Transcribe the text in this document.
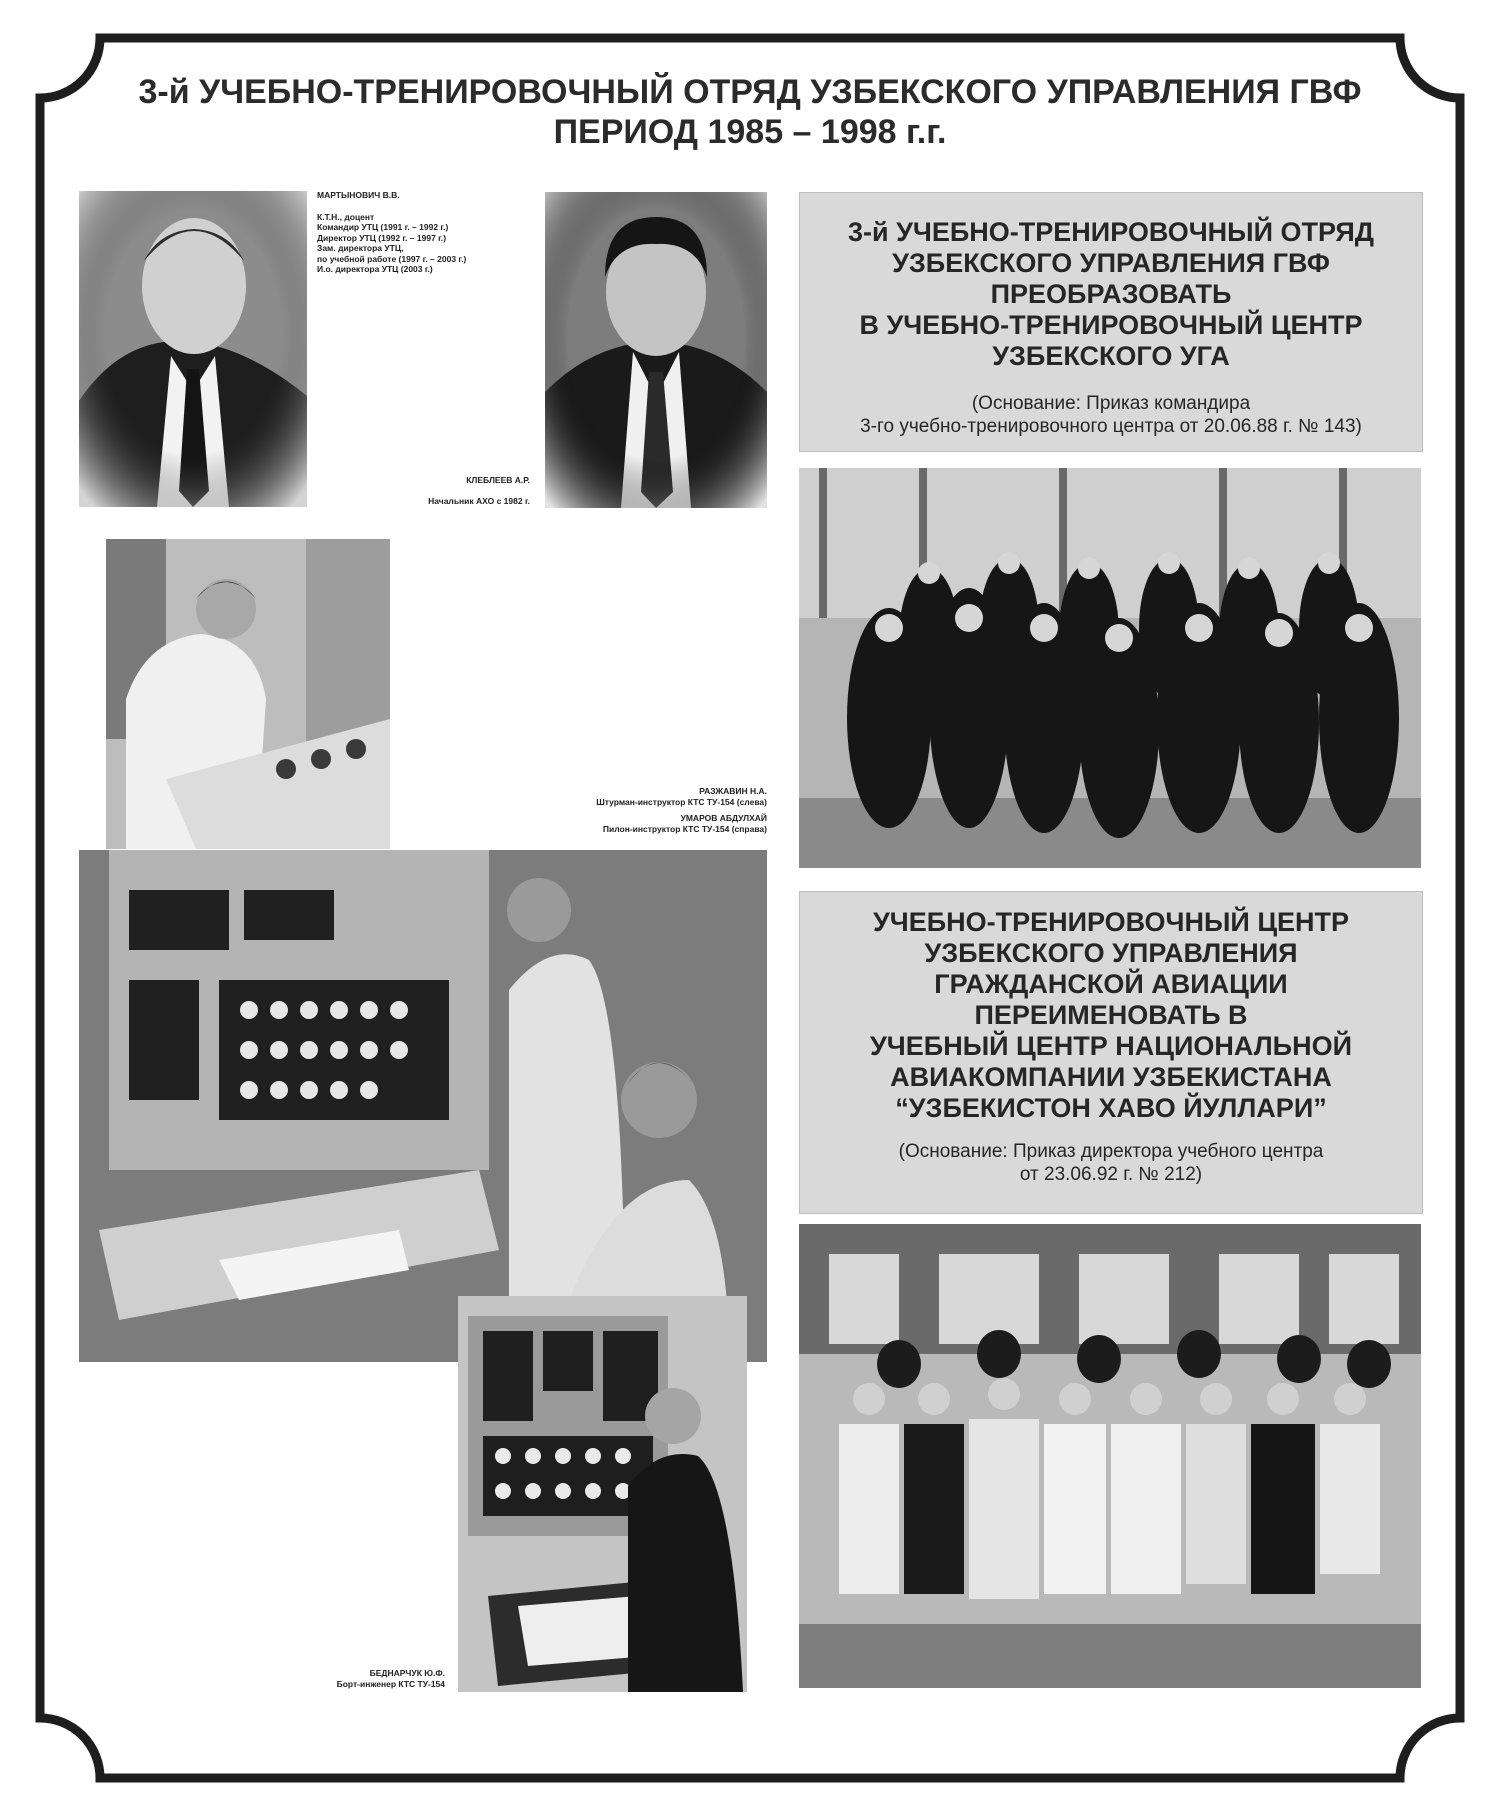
3-й УЧЕБНО-ТРЕНИРОВОЧНЫЙ ОТРЯД УЗБЕКСКОГО УПРАВЛЕНИЯ ГВФ
ПЕРИОД 1985 – 1998 г.г.
МАРТЫНОВИЧ В.В.
К.Т.Н., доцент
Командир УТЦ (1991 г. – 1992 г.)
Директор УТЦ (1992 г. – 1997 г.)
Зам. директора УТЦ,
по учебной работе (1997 г. – 2003 г.)
И.о. директора УТЦ (2003 г.)
КЛЕБЛЕЕВ А.Р.
Начальник АХО с 1982 г.
3-й УЧЕБНО-ТРЕНИРОВОЧНЫЙ ОТРЯД
УЗБЕКСКОГО УПРАВЛЕНИЯ ГВФ
ПРЕОБРАЗОВАТЬ
В УЧЕБНО-ТРЕНИРОВОЧНЫЙ ЦЕНТР
УЗБЕКСКОГО УГА
(Основание: Приказ командира
3-го учебно-тренировочного центра от 20.06.88 г. № 143)
РАЗЖАВИН Н.А.
Штурман-инструктор КТС ТУ-154 (слева)
УМАРОВ АБДУЛХАЙ
Пилон-инструктор КТС ТУ-154 (справа)
БЕДНАРЧУК Ю.Ф.
Борт-инженер КТС ТУ-154
УЧЕБНО-ТРЕНИРОВОЧНЫЙ ЦЕНТР
УЗБЕКСКОГО УПРАВЛЕНИЯ
ГРАЖДАНСКОЙ АВИАЦИИ
ПЕРЕИМЕНОВАТЬ В
УЧЕБНЫЙ ЦЕНТР НАЦИОНАЛЬНОЙ
АВИАКОМПАНИИ УЗБЕКИСТАНА
“УЗБЕКИСТОН ХАВО ЙУЛЛАРИ”
(Основание: Приказ директора учебного центра
от 23.06.92 г. № 212)
